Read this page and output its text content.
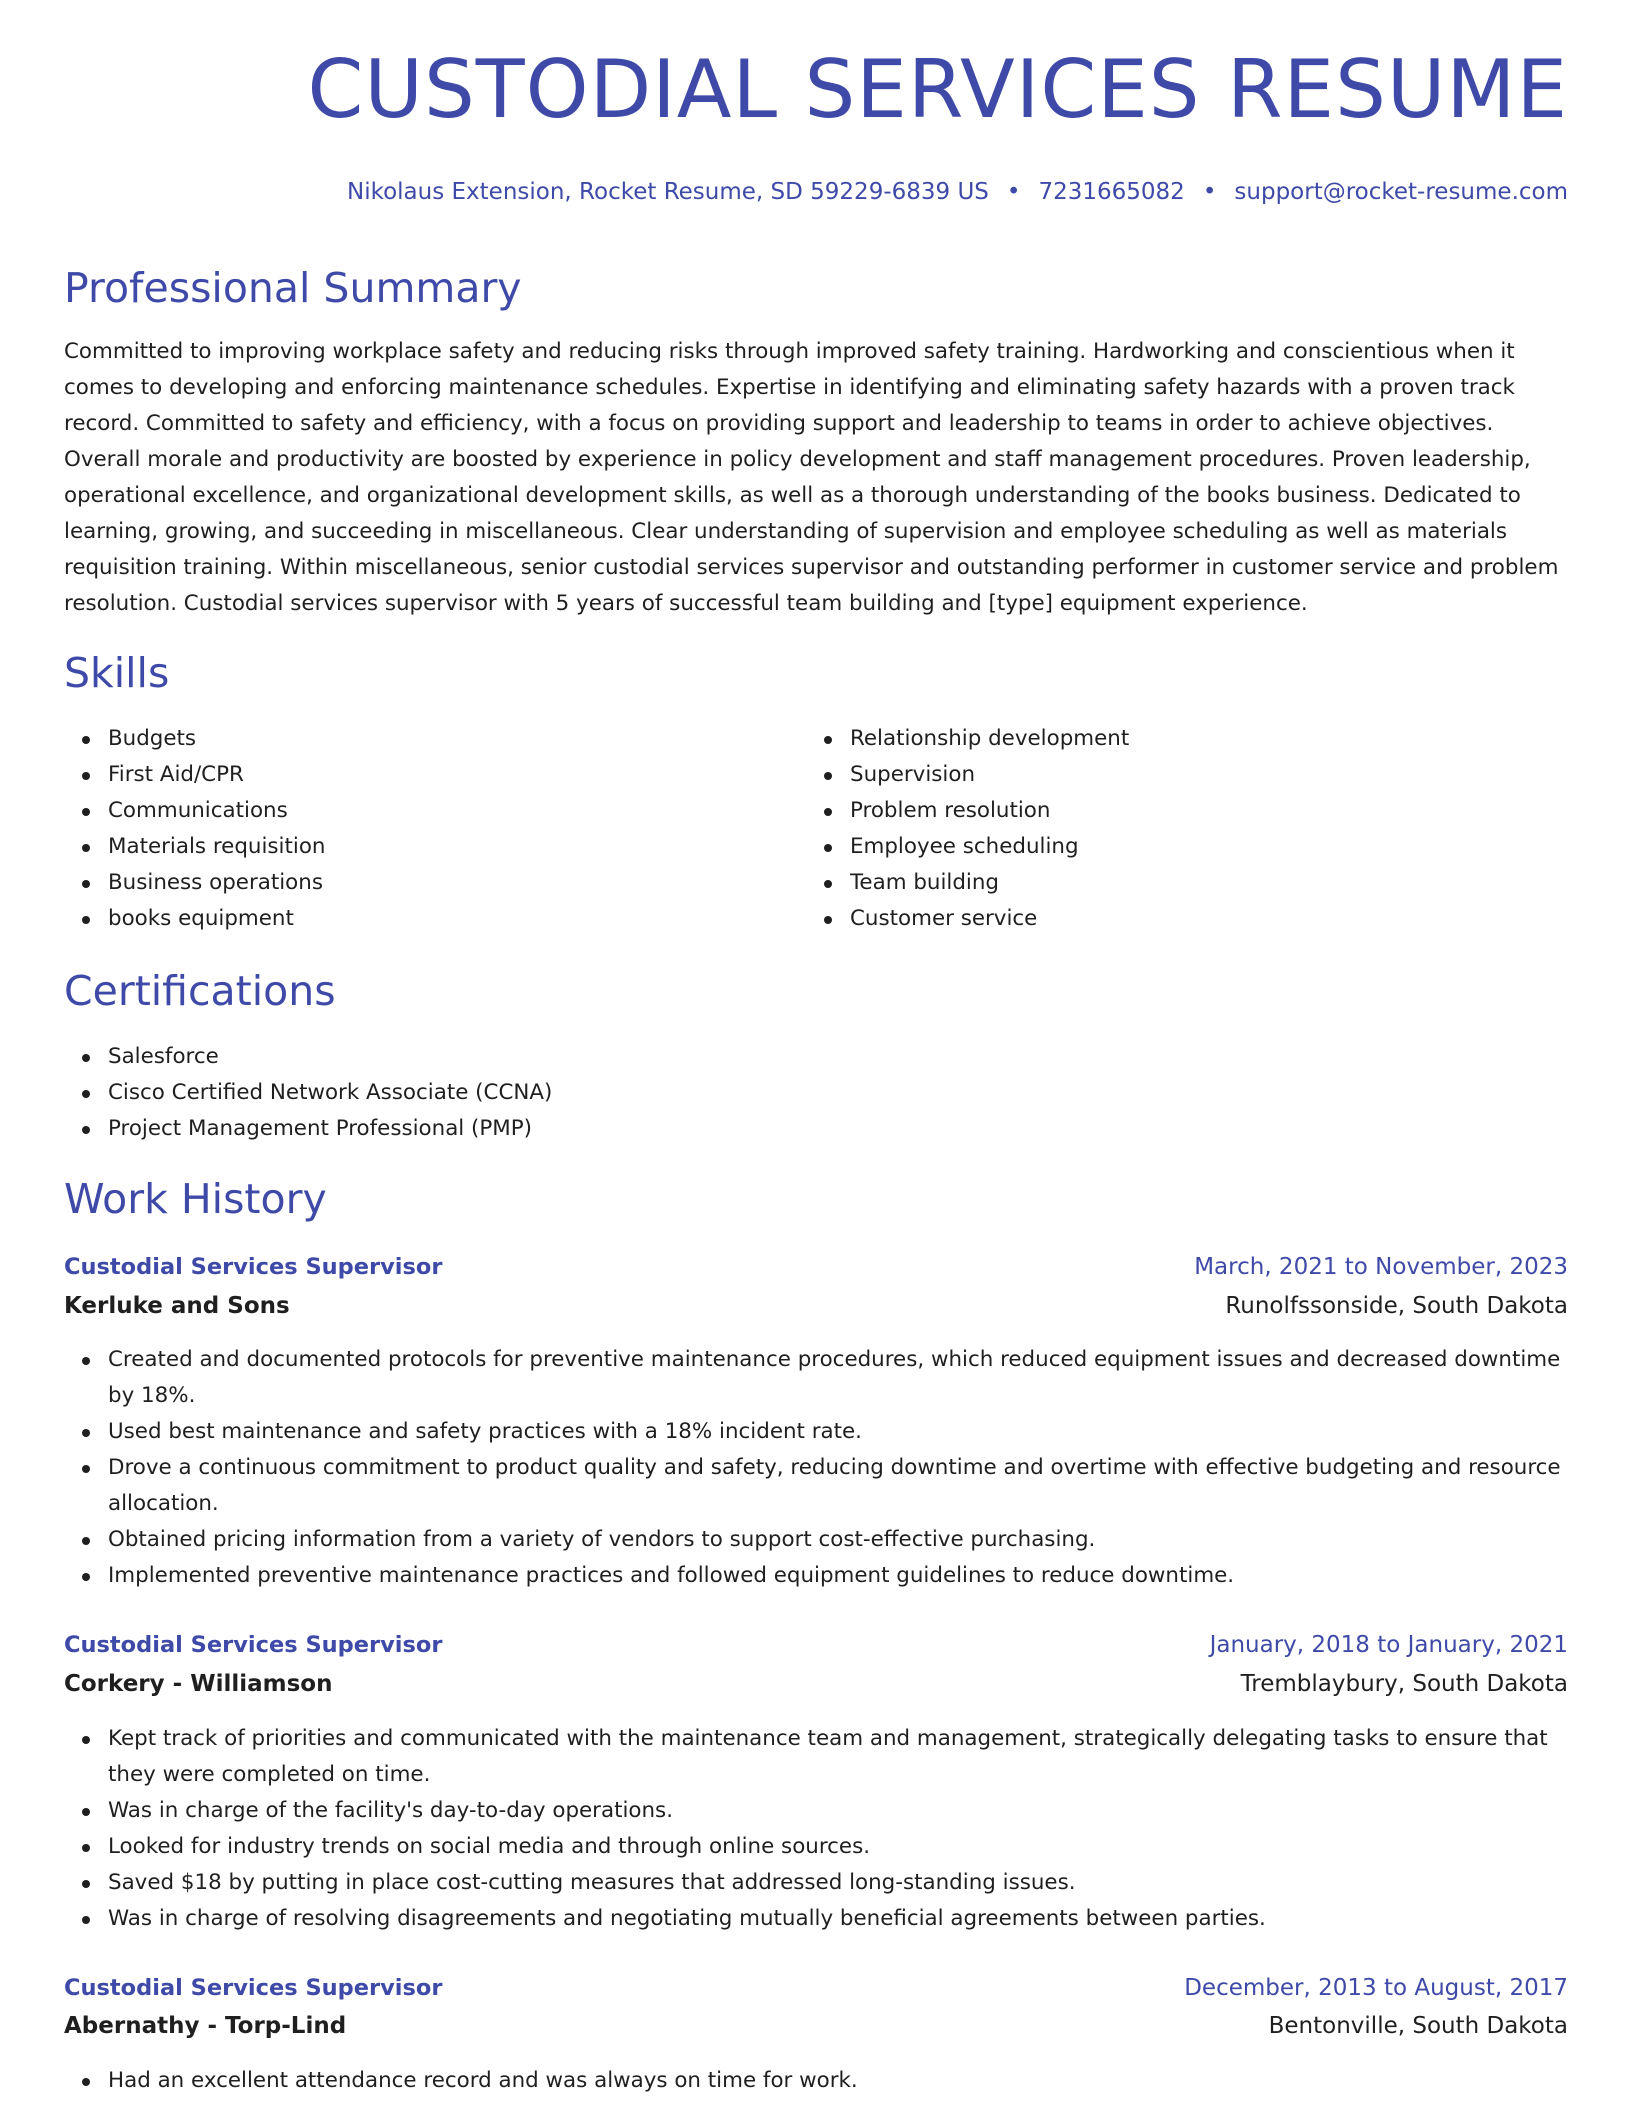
CUSTODIAL SERVICES RESUME
Nikolaus Extension, Rocket Resume, SD 59229-6839 US • 7231665082 • support@rocket-resume.com
Professional Summary

Committed to improving workplace safety and reducing risks through improved safety training. Hardworking and conscientious when it comes to developing and enforcing maintenance schedules. Expertise in identifying and eliminating safety hazards with a proven track record. Committed to safety and efficiency, with a focus on providing support and leadership to teams in order to achieve objectives. Overall morale and productivity are boosted by experience in policy development and staff management procedures. Proven leadership, operational excellence, and organizational development skills, as well as a thorough understanding of the books business. Dedicated to learning, growing, and succeeding in miscellaneous. Clear understanding of supervision and employee scheduling as well as materials requisition training. Within miscellaneous, senior custodial services supervisor and outstanding performer in customer service and problem resolution. Custodial services supervisor with 5 years of successful team building and [type] equipment experience.

Skills
Budgets
First Aid/CPR
Communications
Materials requisition
Business operations
books equipment
Relationship development
Supervision
Problem resolution
Employee scheduling
Team building
Customer service
Certifications
Salesforce
Cisco Certified Network Associate (CCNA)
Project Management Professional (PMP)
Work History
Custodial Services Supervisor	March, 2021 to November, 2023
Kerluke and Sons	Runolfssonside, South Dakota
Created and documented protocols for preventive maintenance procedures, which reduced equipment issues and decreased downtime by 18%.
Used best maintenance and safety practices with a 18% incident rate.
Drove a continuous commitment to product quality and safety, reducing downtime and overtime with effective budgeting and resource allocation.
Obtained pricing information from a variety of vendors to support cost-effective purchasing.
Implemented preventive maintenance practices and followed equipment guidelines to reduce downtime.
Custodial Services Supervisor	January, 2018 to January, 2021
Corkery - Williamson	Tremblaybury, South Dakota
Kept track of priorities and communicated with the maintenance team and management, strategically delegating tasks to ensure that they were completed on time.
Was in charge of the facility's day-to-day operations.
Looked for industry trends on social media and through online sources.
Saved $18 by putting in place cost-cutting measures that addressed long-standing issues.
Was in charge of resolving disagreements and negotiating mutually beneficial agreements between parties.
Custodial Services Supervisor	December, 2013 to August, 2017
Abernathy - Torp-Lind	Bentonville, South Dakota
Had an excellent attendance record and was always on time for work.
